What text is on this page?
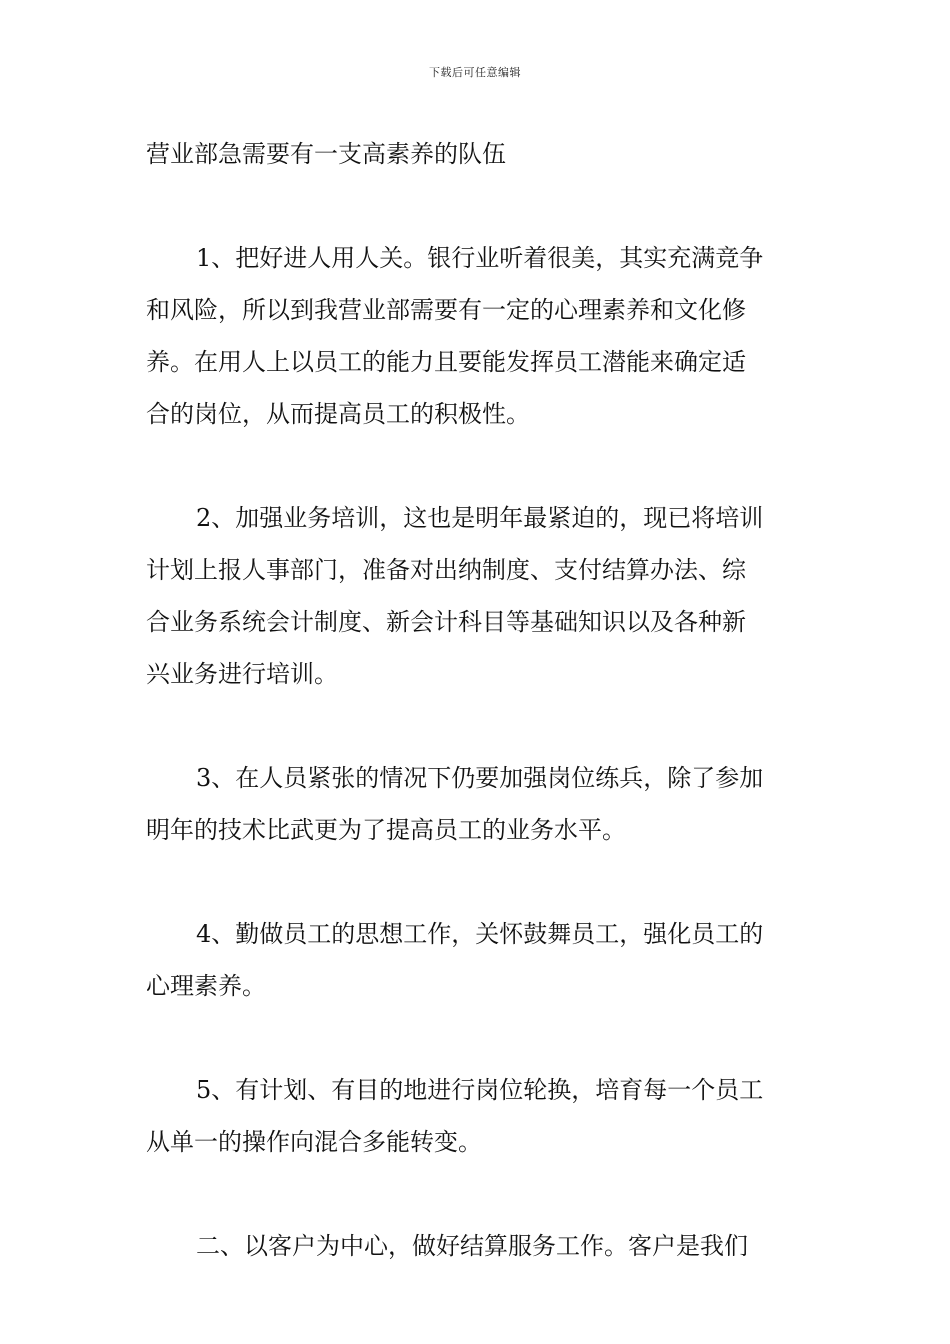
下载后可任意编辑
营业部急需要有一支高素养的队伍
1、把好进人用人关。银行业听着很美，其实充满竞争
和风险，所以到我营业部需要有一定的心理素养和文化修
养。在用人上以员工的能力且要能发挥员工潜能来确定适
合的岗位，从而提高员工的积极性。
2、加强业务培训，这也是明年最紧迫的，现已将培训
计划上报人事部门，准备对出纳制度、支付结算办法、综
合业务系统会计制度、新会计科目等基础知识以及各种新
兴业务进行培训。
3、在人员紧张的情况下仍要加强岗位练兵，除了参加
明年的技术比武更为了提高员工的业务水平。
4、勤做员工的思想工作，关怀鼓舞员工，强化员工的
心理素养。
5、有计划、有目的地进行岗位轮换，培育每一个员工
从单一的操作向混合多能转变。
二、以客户为中心，做好结算服务工作。客户是我们
